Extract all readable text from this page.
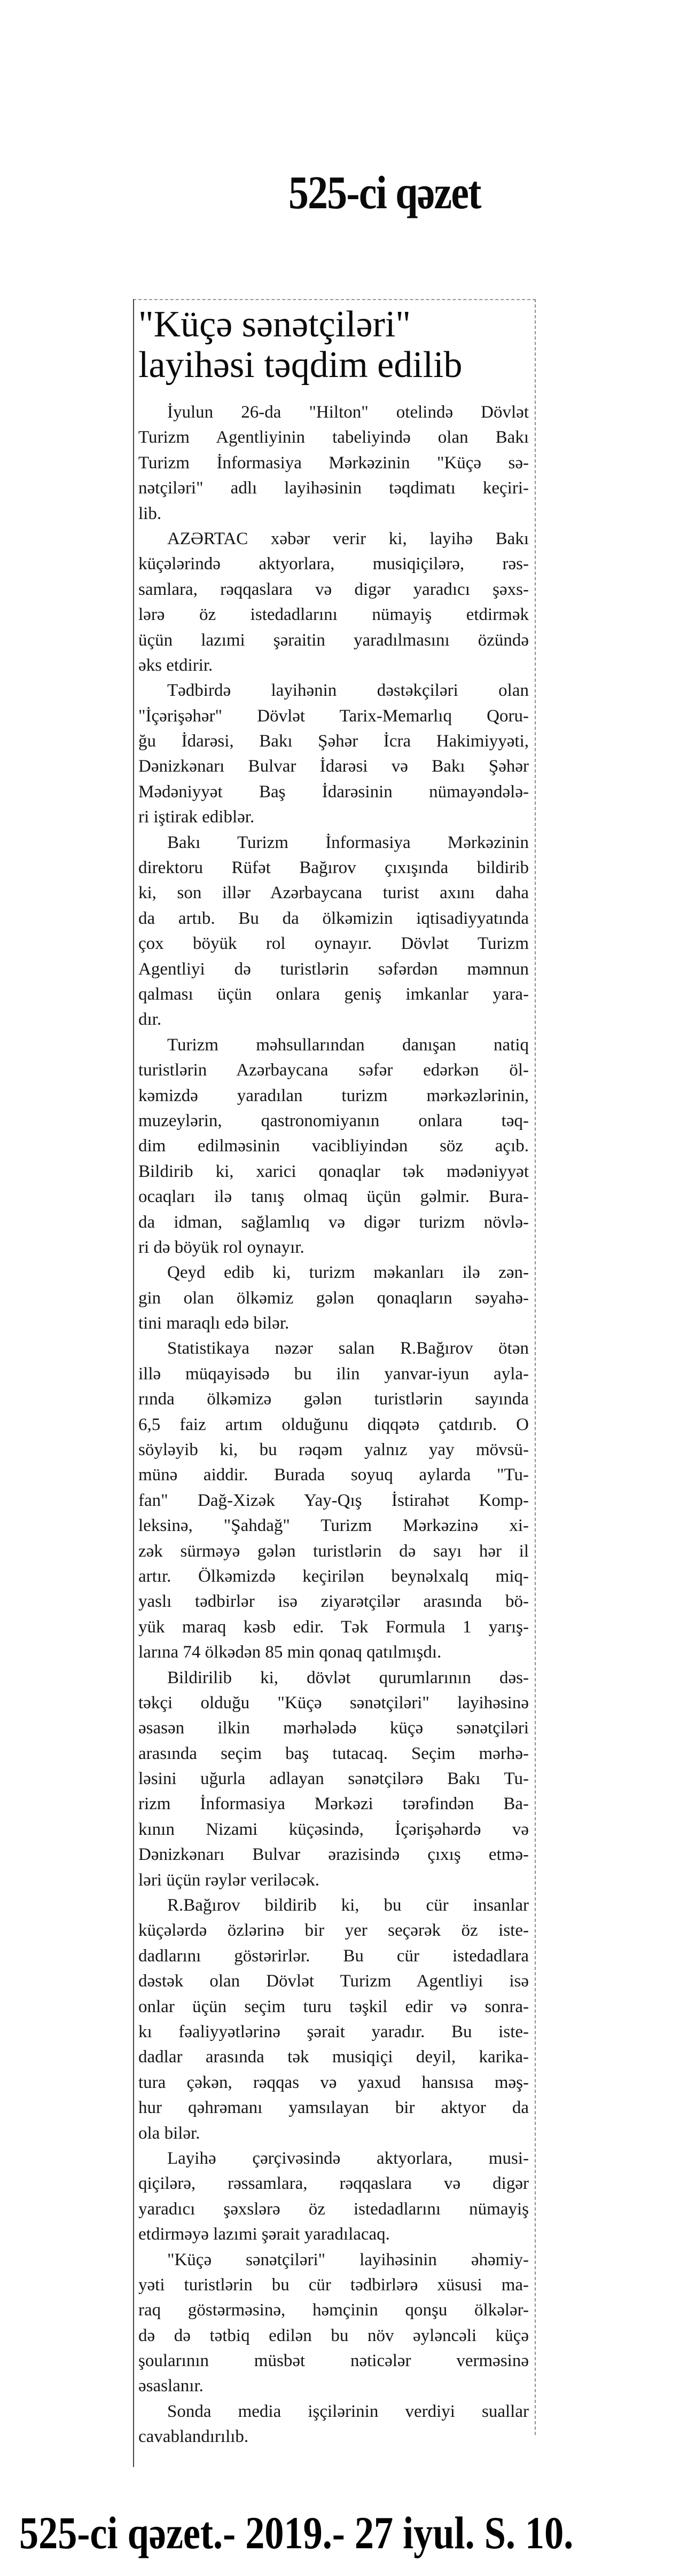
525-ci qəzet
"Küçə sənətçiləri"
layihəsi təqdim edilib
İyulun 26-da "Hilton" otelində Dövlət
Turizm Agentliyinin tabeliyində olan Bakı
Turizm İnformasiya Mərkəzinin "Küçə sə-
nətçiləri" adlı layihəsinin təqdimatı keçiri-
lib.
AZƏRTAC xəbər verir ki, layihə Bakı
küçələrində aktyorlara, musiqiçilərə, rəs-
samlara, rəqqaslara və digər yaradıcı şəxs-
lərə öz istedadlarını nümayiş etdirmək
üçün lazımi şəraitin yaradılmasını özündə
əks etdirir.
Tədbirdə layihənin dəstəkçiləri olan
"İçərişəhər" Dövlət Tarix-Memarlıq Qoru-
ğu İdarəsi, Bakı Şəhər İcra Hakimiyyəti,
Dənizkənarı Bulvar İdarəsi və Bakı Şəhər
Mədəniyyət Baş İdarəsinin nümayəndələ-
ri iştirak ediblər.
Bakı Turizm İnformasiya Mərkəzinin
direktoru Rüfət Bağırov çıxışında bildirib
ki, son illər Azərbaycana turist axını daha
da artıb. Bu da ölkəmizin iqtisadiyyatında
çox böyük rol oynayır. Dövlət Turizm
Agentliyi də turistlərin səfərdən məmnun
qalması üçün onlara geniş imkanlar yara-
dır.
Turizm məhsullarından danışan natiq
turistlərin Azərbaycana səfər edərkən öl-
kəmizdə yaradılan turizm mərkəzlərinin,
muzeylərin, qastronomiyanın onlara təq-
dim edilməsinin vacibliyindən söz açıb.
Bildirib ki, xarici qonaqlar tək mədəniyyət
ocaqları ilə tanış olmaq üçün gəlmir. Bura-
da idman, sağlamlıq və digər turizm növlə-
ri də böyük rol oynayır.
Qeyd edib ki, turizm məkanları ilə zən-
gin olan ölkəmiz gələn qonaqların səyahə-
tini maraqlı edə bilər.
Statistikaya nəzər salan R.Bağırov ötən
illə müqayisədə bu ilin yanvar-iyun ayla-
rında ölkəmizə gələn turistlərin sayında
6,5 faiz artım olduğunu diqqətə çatdırıb. O
söyləyib ki, bu rəqəm yalnız yay mövsü-
münə aiddir. Burada soyuq aylarda "Tu-
fan" Dağ-Xizək Yay-Qış İstirahət Komp-
leksinə, "Şahdağ" Turizm Mərkəzinə xi-
zək sürməyə gələn turistlərin də sayı hər il
artır. Ölkəmizdə keçirilən beynəlxalq miq-
yaslı tədbirlər isə ziyarətçilər arasında bö-
yük maraq kəsb edir. Tək Formula 1 yarış-
larına 74 ölkədən 85 min qonaq qatılmışdı.
Bildirilib ki, dövlət qurumlarının dəs-
təkçi olduğu "Küçə sənətçiləri" layihəsinə
əsasən ilkin mərhələdə küçə sənətçiləri
arasında seçim baş tutacaq. Seçim mərhə-
ləsini uğurla adlayan sənətçilərə Bakı Tu-
rizm İnformasiya Mərkəzi tərəfindən Ba-
kının Nizami küçəsində, İçərişəhərdə və
Dənizkənarı Bulvar ərazisində çıxış etmə-
ləri üçün rəylər veriləcək.
R.Bağırov bildirib ki, bu cür insanlar
küçələrdə özlərinə bir yer seçərək öz iste-
dadlarını göstərirlər. Bu cür istedadlara
dəstək olan Dövlət Turizm Agentliyi isə
onlar üçün seçim turu təşkil edir və sonra-
kı fəaliyyətlərinə şərait yaradır. Bu iste-
dadlar arasında tək musiqiçi deyil, karika-
tura çəkən, rəqqas və yaxud hansısa məş-
hur qəhrəmanı yamsılayan bir aktyor da
ola bilər.
Layihə çərçivəsində aktyorlara, musi-
qiçilərə, rəssamlara, rəqqaslara və digər
yaradıcı şəxslərə öz istedadlarını nümayiş
etdirməyə lazımi şərait yaradılacaq.
"Küçə sənətçiləri" layihəsinin əhəmiy-
yəti turistlərin bu cür tədbirlərə xüsusi ma-
raq göstərməsinə, həmçinin qonşu ölkələr-
də də tətbiq edilən bu növ əyləncəli küçə
şoularının müsbət nəticələr verməsinə
əsaslanır.
Sonda media işçilərinin verdiyi suallar
cavablandırılıb.
525-ci qəzet.- 2019.- 27 iyul. S. 10.
